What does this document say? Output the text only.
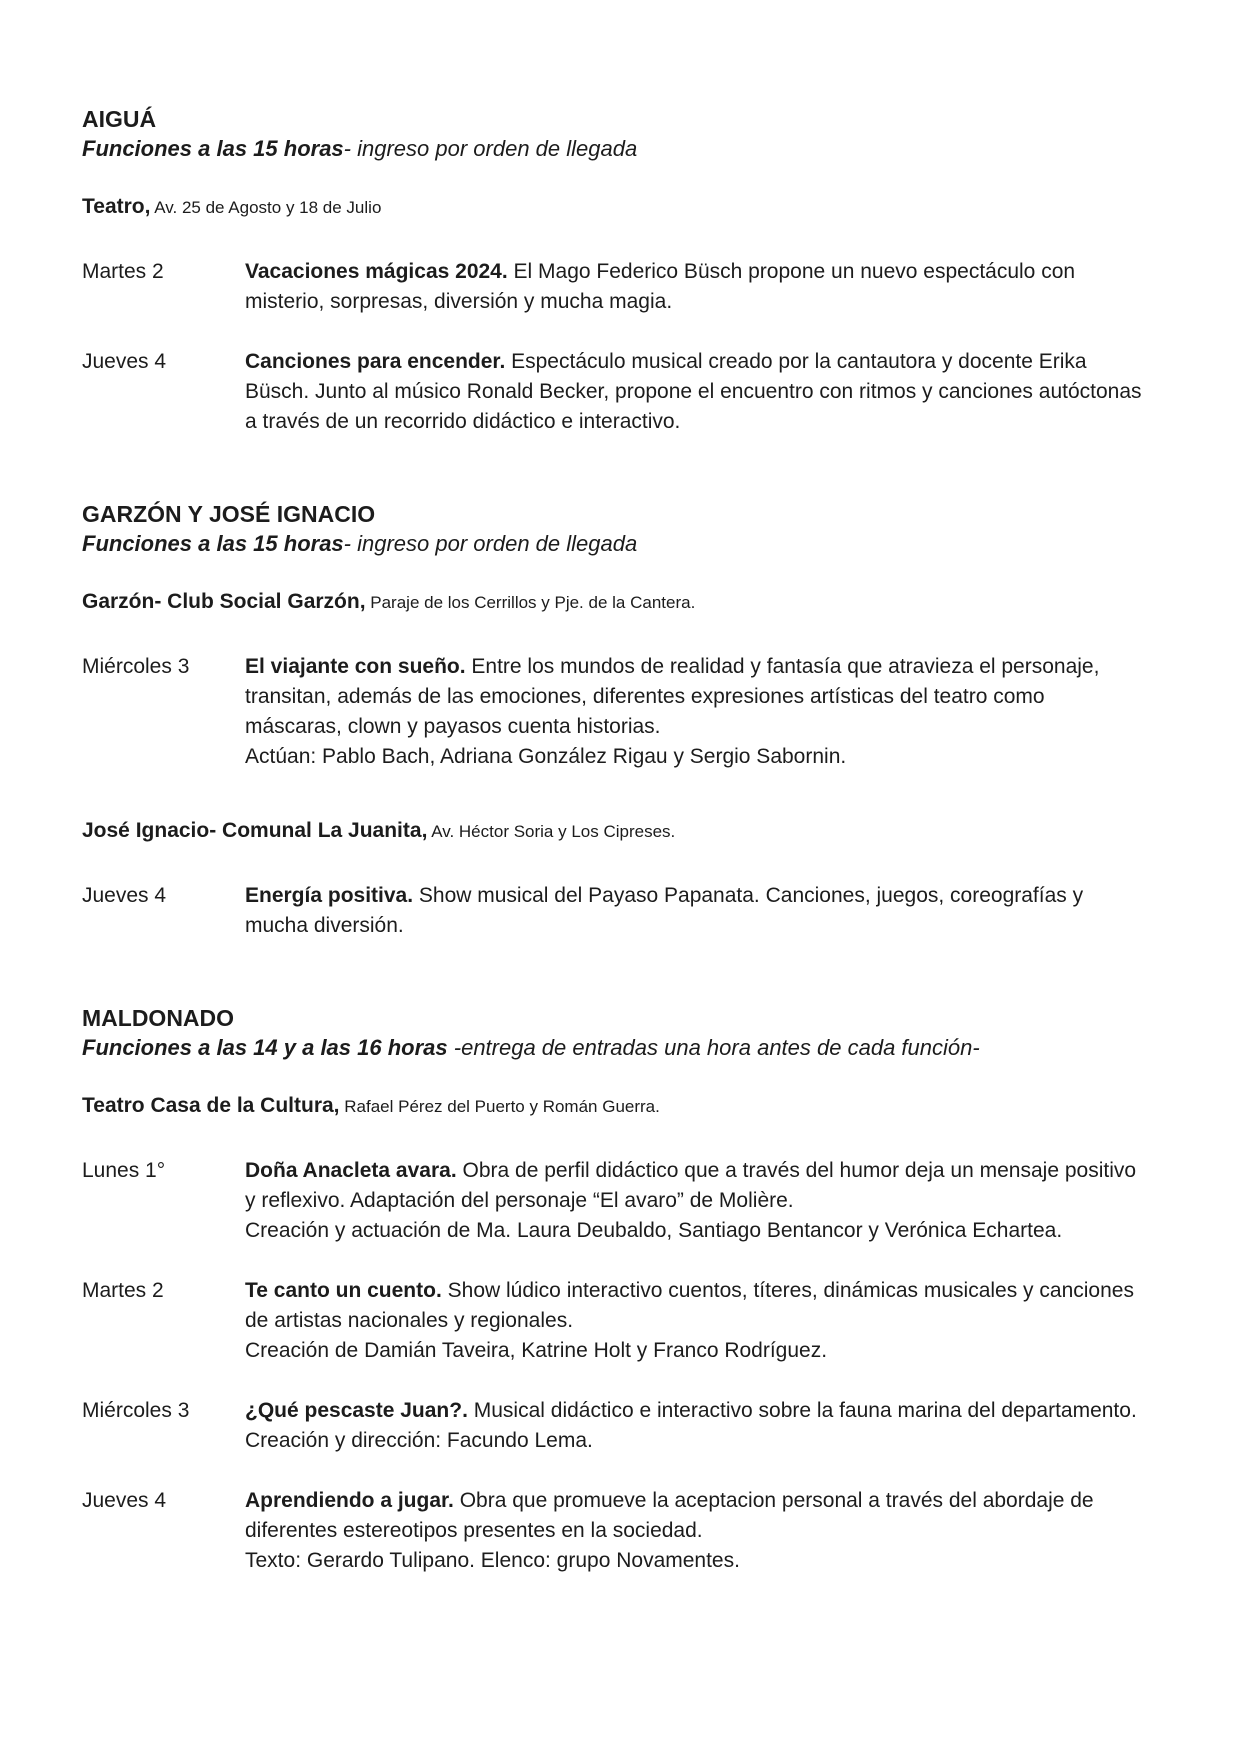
AIGUÁ
Funciones a las 15 horas- ingreso por orden de llegada
Teatro, Av. 25 de Agosto y 18 de Julio
Martes 2	Vacaciones mágicas 2024. El Mago Federico Büsch propone un nuevo espectáculo con misterio, sorpresas, diversión y mucha magia.
Jueves 4	Canciones para encender. Espectáculo musical creado por la cantautora y docente Erika Büsch. Junto al músico Ronald Becker, propone el encuentro con ritmos y canciones autóctonas a través de un recorrido didáctico e interactivo.
GARZÓN Y JOSÉ IGNACIO
Funciones a las 15 horas- ingreso por orden de llegada
Garzón- Club Social Garzón, Paraje de los Cerrillos y Pje. de la Cantera.
Miércoles 3	El viajante con sueño. Entre los mundos de realidad y fantasía que atravieza el personaje, transitan, además de las emociones, diferentes expresiones artísticas del teatro como máscaras, clown y payasos cuenta historias.
Actúan: Pablo Bach, Adriana González Rigau y Sergio Sabornin.
José Ignacio- Comunal La Juanita, Av. Héctor Soria y Los Cipreses.
Jueves 4	Energía positiva. Show musical del Payaso Papanata. Canciones, juegos, coreografías y mucha diversión.
MALDONADO
Funciones a las 14 y a las 16 horas -entrega de entradas una hora antes de cada función-
Teatro Casa de la Cultura, Rafael Pérez del Puerto y Román Guerra.
Lunes 1°	Doña Anacleta avara. Obra de perfil didáctico que a través del humor deja un mensaje positivo y reflexivo. Adaptación del personaje “El avaro” de Molière.
Creación y actuación de Ma. Laura Deubaldo, Santiago Bentancor y Verónica Echartea.
Martes 2	Te canto un cuento. Show lúdico interactivo cuentos, títeres, dinámicas musicales y canciones de artistas nacionales y regionales.
Creación de Damián Taveira, Katrine Holt y Franco Rodríguez.
Miércoles 3	¿Qué pescaste Juan?. Musical didáctico e interactivo sobre la fauna marina del departamento. Creación y dirección: Facundo Lema.
Jueves 4	Aprendiendo a jugar. Obra que promueve la aceptacion personal a través del abordaje de diferentes estereotipos presentes en la sociedad.
Texto: Gerardo Tulipano. Elenco: grupo Novamentes.
